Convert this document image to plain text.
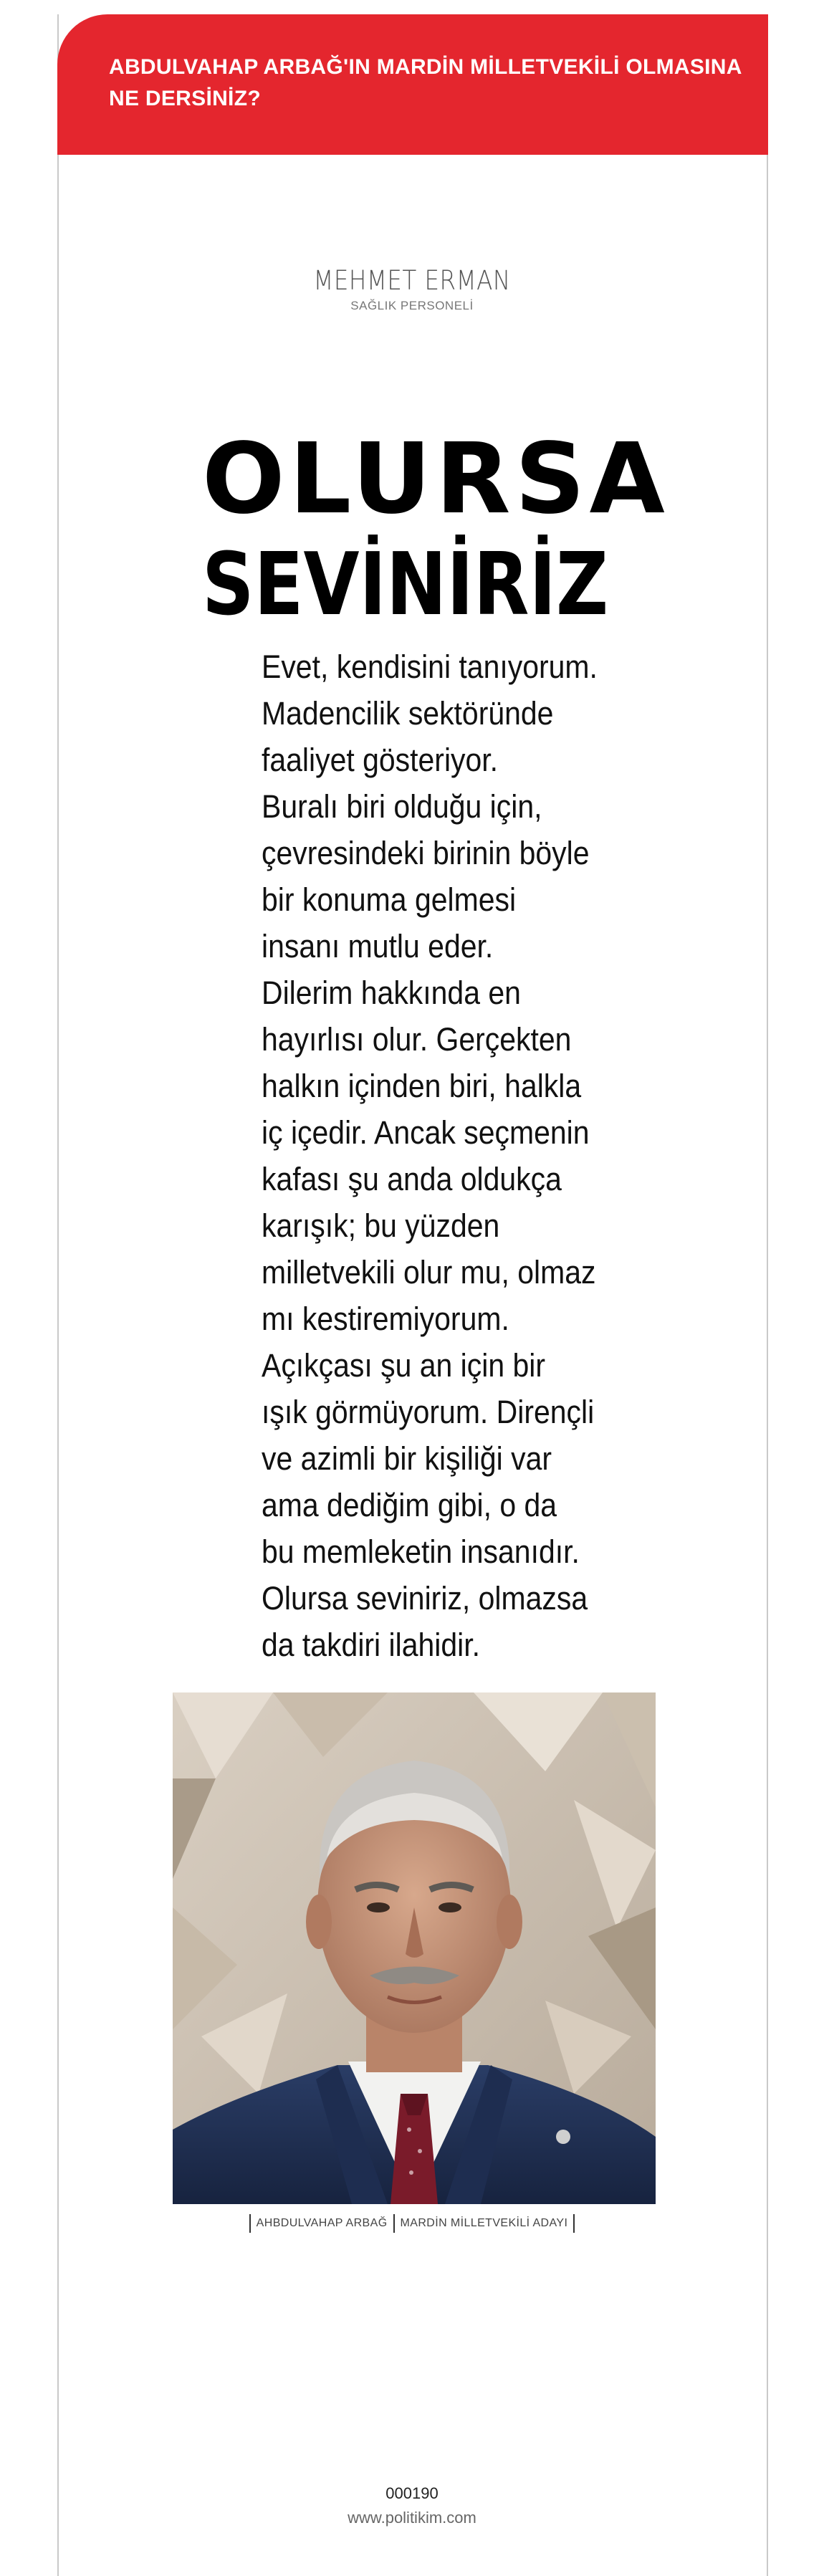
ABDULVAHAP ARBAĞ'IN MARDİN MİLLETVEKİLİ OLMASINA NE DERSİNİZ?

MEHMET ERMAN
SAĞLIK PERSONELİ
OLURSA
SEVİNİRİZ
Evet, kendisini tanıyorum.
Madencilik sektöründe
faaliyet gösteriyor.
Buralı biri olduğu için,
çevresindeki birinin böyle
bir konuma gelmesi
insanı mutlu eder.
Dilerim hakkında en
hayırlısı olur. Gerçekten
halkın içinden biri, halkla
iç içedir. Ancak seçmenin
kafası şu anda oldukça
karışık; bu yüzden
milletvekili olur mu, olmaz
mı kestiremiyorum.
Açıkçası şu an için bir
ışık görmüyorum. Dirençli
ve azimli bir kişiliği var
ama dediğim gibi, o da
bu memleketin insanıdır.
Olursa seviniriz, olmazsa
da takdiri ilahidir.
AHBDULVAHAP ARBAĞ MARDİN MİLLETVEKİLİ ADAYI
000190
www.politikim.com
